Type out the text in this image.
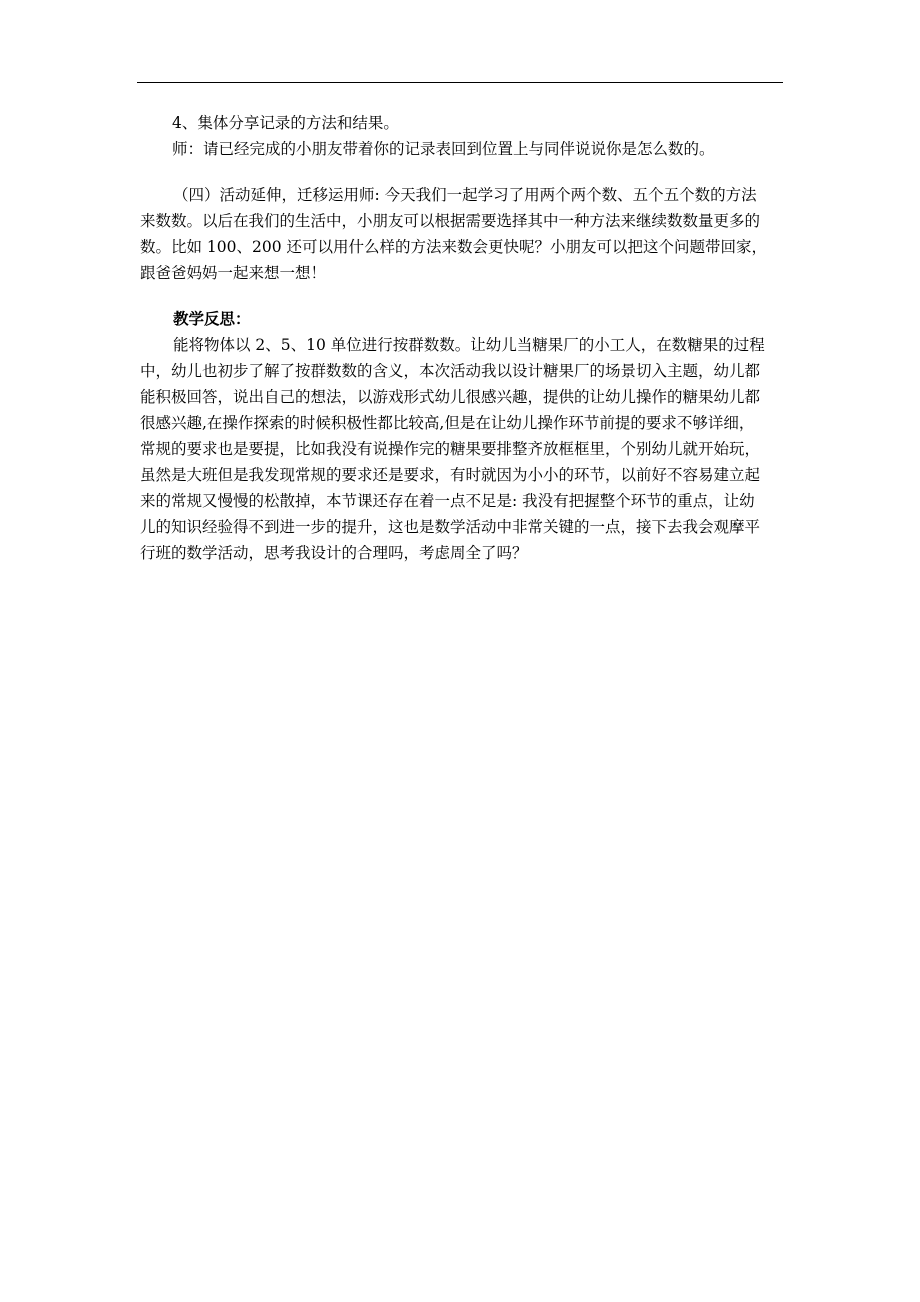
4、集体分享记录的方法和结果。

师：请已经完成的小朋友带着你的记录表回到位置上与同伴说说你是怎么数的。

（四）活动延伸，迁移运用师: 今天我们一起学习了用两个两个数、五个五个数的方法

来数数。以后在我们的生活中，小朋友可以根据需要选择其中一种方法来继续数数量更多的

数。比如 100、200 还可以用什么样的方法来数会更快呢？小朋友可以把这个问题带回家，

跟爸爸妈妈一起来想一想！

教学反思：

能将物体以 2、5、10 单位进行按群数数。让幼儿当糖果厂的小工人，在数糖果的过程

中，幼儿也初步了解了按群数数的含义，本次活动我以设计糖果厂的场景切入主题，幼儿都

能积极回答，说出自己的想法，以游戏形式幼儿很感兴趣，提供的让幼儿操作的糖果幼儿都

很感兴趣,在操作探索的时候积极性都比较高,但是在让幼儿操作环节前提的要求不够详细，

常规的要求也是要提，比如我没有说操作完的糖果要排整齐放框框里，个别幼儿就开始玩，

虽然是大班但是我发现常规的要求还是要求，有时就因为小小的环节，以前好不容易建立起

来的常规又慢慢的松散掉，本节课还存在着一点不足是: 我没有把握整个环节的重点，让幼

儿的知识经验得不到进一步的提升，这也是数学活动中非常关键的一点，接下去我会观摩平

行班的数学活动，思考我设计的合理吗，考虑周全了吗？
